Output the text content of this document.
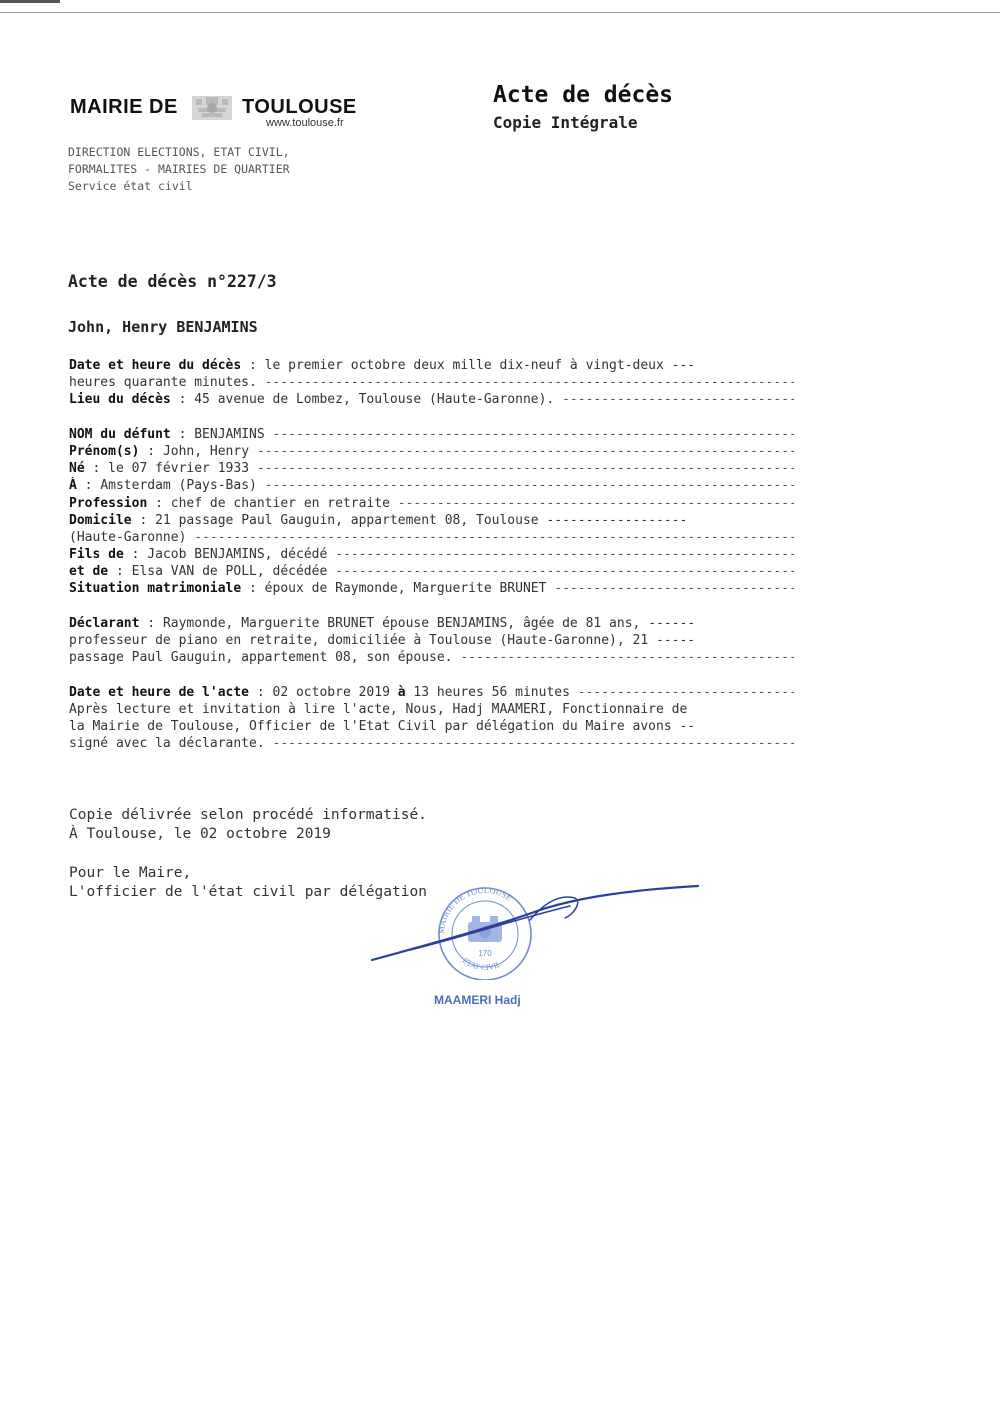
MAIRIE DE	TOULOUSE
www.toulouse.fr
DIRECTION ELECTIONS, ETAT CIVIL,
FORMALITES - MAIRIES DE QUARTIER
Service état civil
Acte de décès
Copie Intégrale
Acte de décès n°227/3
John, Henry BENJAMINS
Date et heure du décès : le premier octobre deux mille dix-neuf à vingt-deux ---
heures quarante minutes. -----
Lieu du décès : 45 avenue de Lombez, Toulouse (Haute-Garonne). -----
NOM du défunt : BENJAMINS -----
Prénom(s) : John, Henry -----
Né : le 07 février 1933 -----
À : Amsterdam (Pays-Bas) -----
Profession : chef de chantier en retraite -----
Domicile : 21 passage Paul Gauguin, appartement 08, Toulouse ------------------
(Haute-Garonne) -----
Fils de : Jacob BENJAMINS, décédé -----
et de : Elsa VAN de POLL, décédée -----
Situation matrimoniale : époux de Raymonde, Marguerite BRUNET -----
Déclarant : Raymonde, Marguerite BRUNET épouse BENJAMINS, âgée de 81 ans, ------
professeur de piano en retraite, domiciliée à Toulouse (Haute-Garonne), 21 -----
passage Paul Gauguin, appartement 08, son épouse. -----
Date et heure de l'acte : 02 octobre 2019 à 13 heures 56 minutes -----
Après lecture et invitation à lire l'acte, Nous, Hadj MAAMERI, Fonctionnaire de
la Mairie de Toulouse, Officier de l'Etat Civil par délégation du Maire avons --
signé avec la déclarante. -----
Copie délivrée selon procédé informatisé.
À Toulouse, le 02 octobre 2019
Pour le Maire,
L'officier de l'état civil par délégation
MAIRIE DE TOULOUSE
ETAT CIVIL
170
MAAMERI Hadj
